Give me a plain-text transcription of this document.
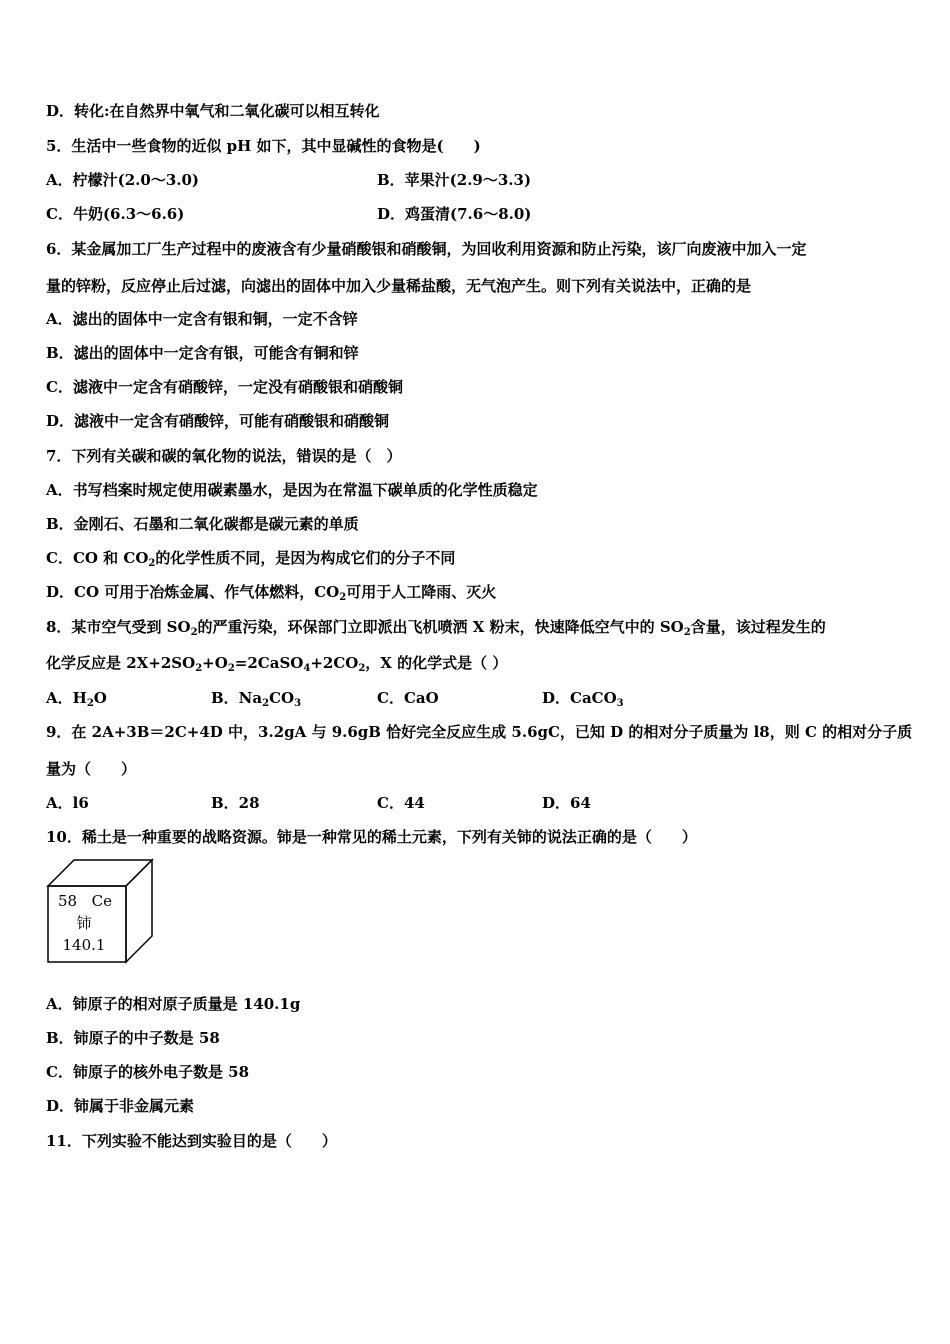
D．转化:在自然界中氧气和二氧化碳可以相互转化
5．生活中一些食物的近似 pH 如下，其中显碱性的食物是(　　)
A．柠檬汁(2.0～3.0)	B．苹果汁(2.9～3.3)
C．牛奶(6.3～6.6)	D．鸡蛋清(7.6～8.0)
6．某金属加工厂生产过程中的废液含有少量硝酸银和硝酸铜，为回收利用资源和防止污染，该厂向废液中加入一定
量的锌粉，反应停止后过滤，向滤出的固体中加入少量稀盐酸，无气泡产生。则下列有关说法中，正确的是
A．滤出的固体中一定含有银和铜，一定不含锌
B．滤出的固体中一定含有银，可能含有铜和锌
C．滤液中一定含有硝酸锌，一定没有硝酸银和硝酸铜
D．滤液中一定含有硝酸锌，可能有硝酸银和硝酸铜
7．下列有关碳和碳的氧化物的说法，错误的是（　）
A．书写档案时规定使用碳素墨水，是因为在常温下碳单质的化学性质稳定
B．金刚石、石墨和二氧化碳都是碳元素的单质
C．CO 和 $CO_2$的化学性质不同，是因为构成它们的分子不同
D．CO 可用于冶炼金属、作气体燃料，$CO_2$可用于人工降雨、灭火
8．某市空气受到 $SO_2$的严重污染，环保部门立即派出飞机喷洒 X 粉末，快速降低空气中的 $SO_2$含量，该过程发生的
化学反应是 $2X+2SO_2+O_2=2CaSO_4+2CO_2$，X 的化学式是（ ）
A．$H_2O$	B．$Na_2CO_3$	C．CaO	D．CaCO$_3$
9．在 2A+3B＝2C+4D 中，3.2gA 与 9.6gB 恰好完全反应生成 5.6gC，已知 D 的相对分子质量为 l8，则 C 的相对分子质
量为（　　）
A．l6	B．28	C．44	D．64
10．稀土是一种重要的战略资源。铈是一种常见的稀土元素，下列有关铈的说法正确的是（　　）
58 Ce
铈
140.1
A．铈原子的相对原子质量是 140.1g
B．铈原子的中子数是 58
C．铈原子的核外电子数是 58
D．铈属于非金属元素
11．下列实验不能达到实验目的是（　　）
